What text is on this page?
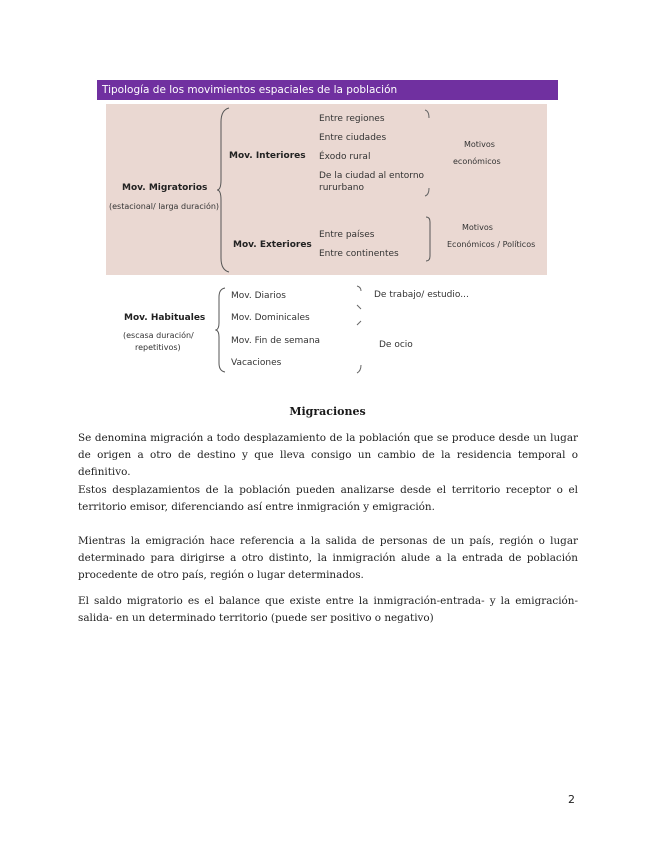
Tipología de los movimientos espaciales de la población
Mov. Migratorios
(estacional/ larga duración)
Mov. Interiores
Entre regiones
Entre ciudades
Éxodo rural
De la ciudad al entorno
rururbano
Motivos
económicos
Mov. Exteriores
Entre países
Entre continentes
Motivos
Económicos / Políticos
Mov. Habituales
(escasa duración/
repetitivos)
Mov. Diarios
Mov. Dominicales
Mov. Fin de semana
Vacaciones
De trabajo/ estudio...
De ocio
Migraciones

Se denomina migración a todo desplazamiento de la población que se produce desde un lugar de origen a otro de destino y que lleva consigo un cambio de la residencia temporal o definitivo.

Estos desplazamientos de la población pueden analizarse desde el territorio receptor o el territorio emisor, diferenciando así entre inmigración y emigración.

Mientras la emigración hace referencia a la salida de personas de un país, región o lugar determinado para dirigirse a otro distinto, la inmigración alude a la entrada de población procedente de otro país, región o lugar determinados.

El saldo migratorio es el balance que existe entre la inmigración-entrada- y la emigración-salida- en un determinado territorio (puede ser positivo o negativo)

2
